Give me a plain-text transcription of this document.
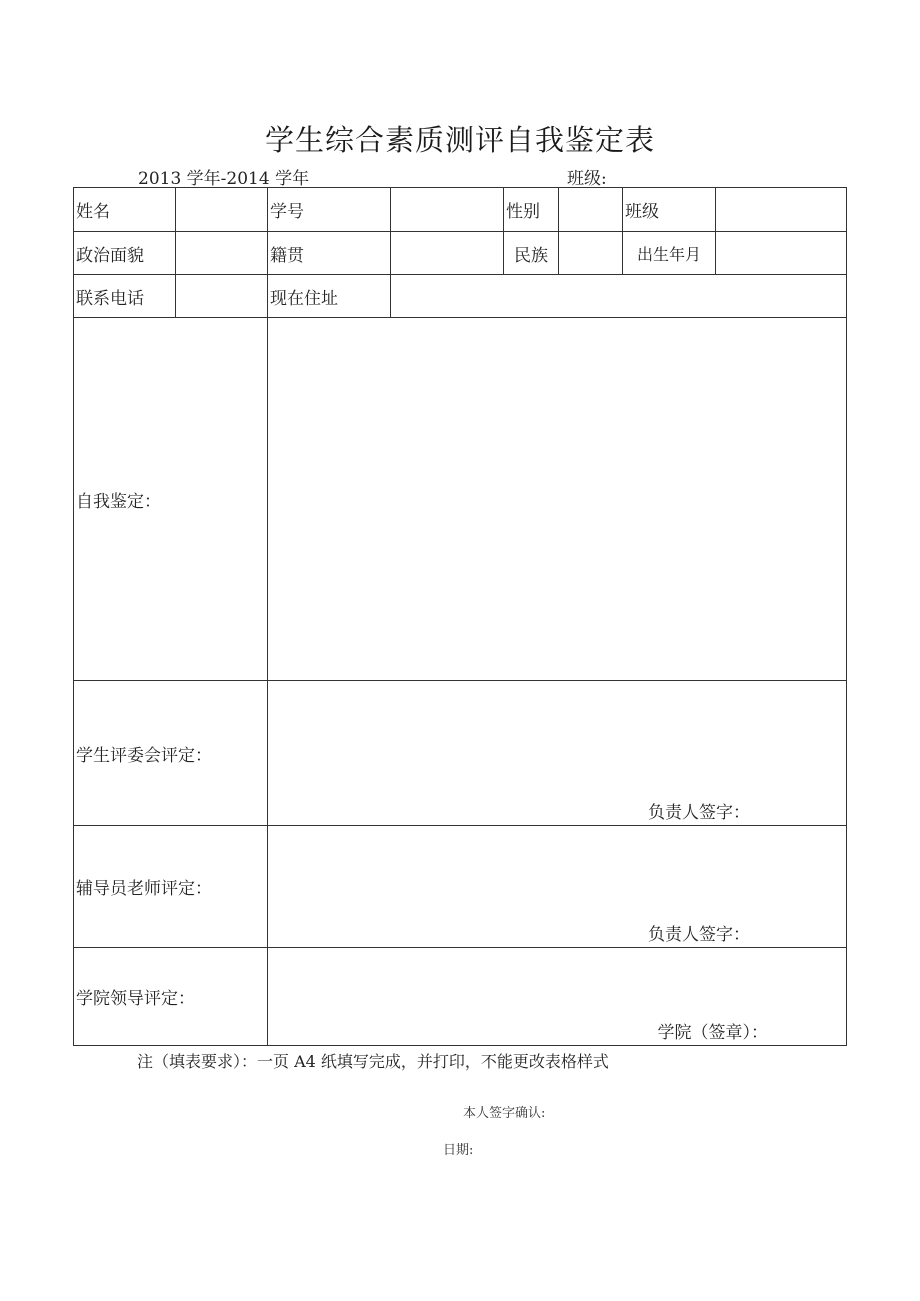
学生综合素质测评自我鉴定表
2013 学年-2014 学年	班级:
姓名		学号		性别		班级	
政治面貌		籍贯		民族		出生年月	
联系电话		现在住址					
自我鉴定：							
学生评委会评定：		负责人签字：					

辅导员老师评定：		负责人签字：					

学院领导评定：		学院（签章）：					
注（填表要求）：一页 A4 纸填写完成，并打印，不能更改表格样式
本人签字确认:
日期:
